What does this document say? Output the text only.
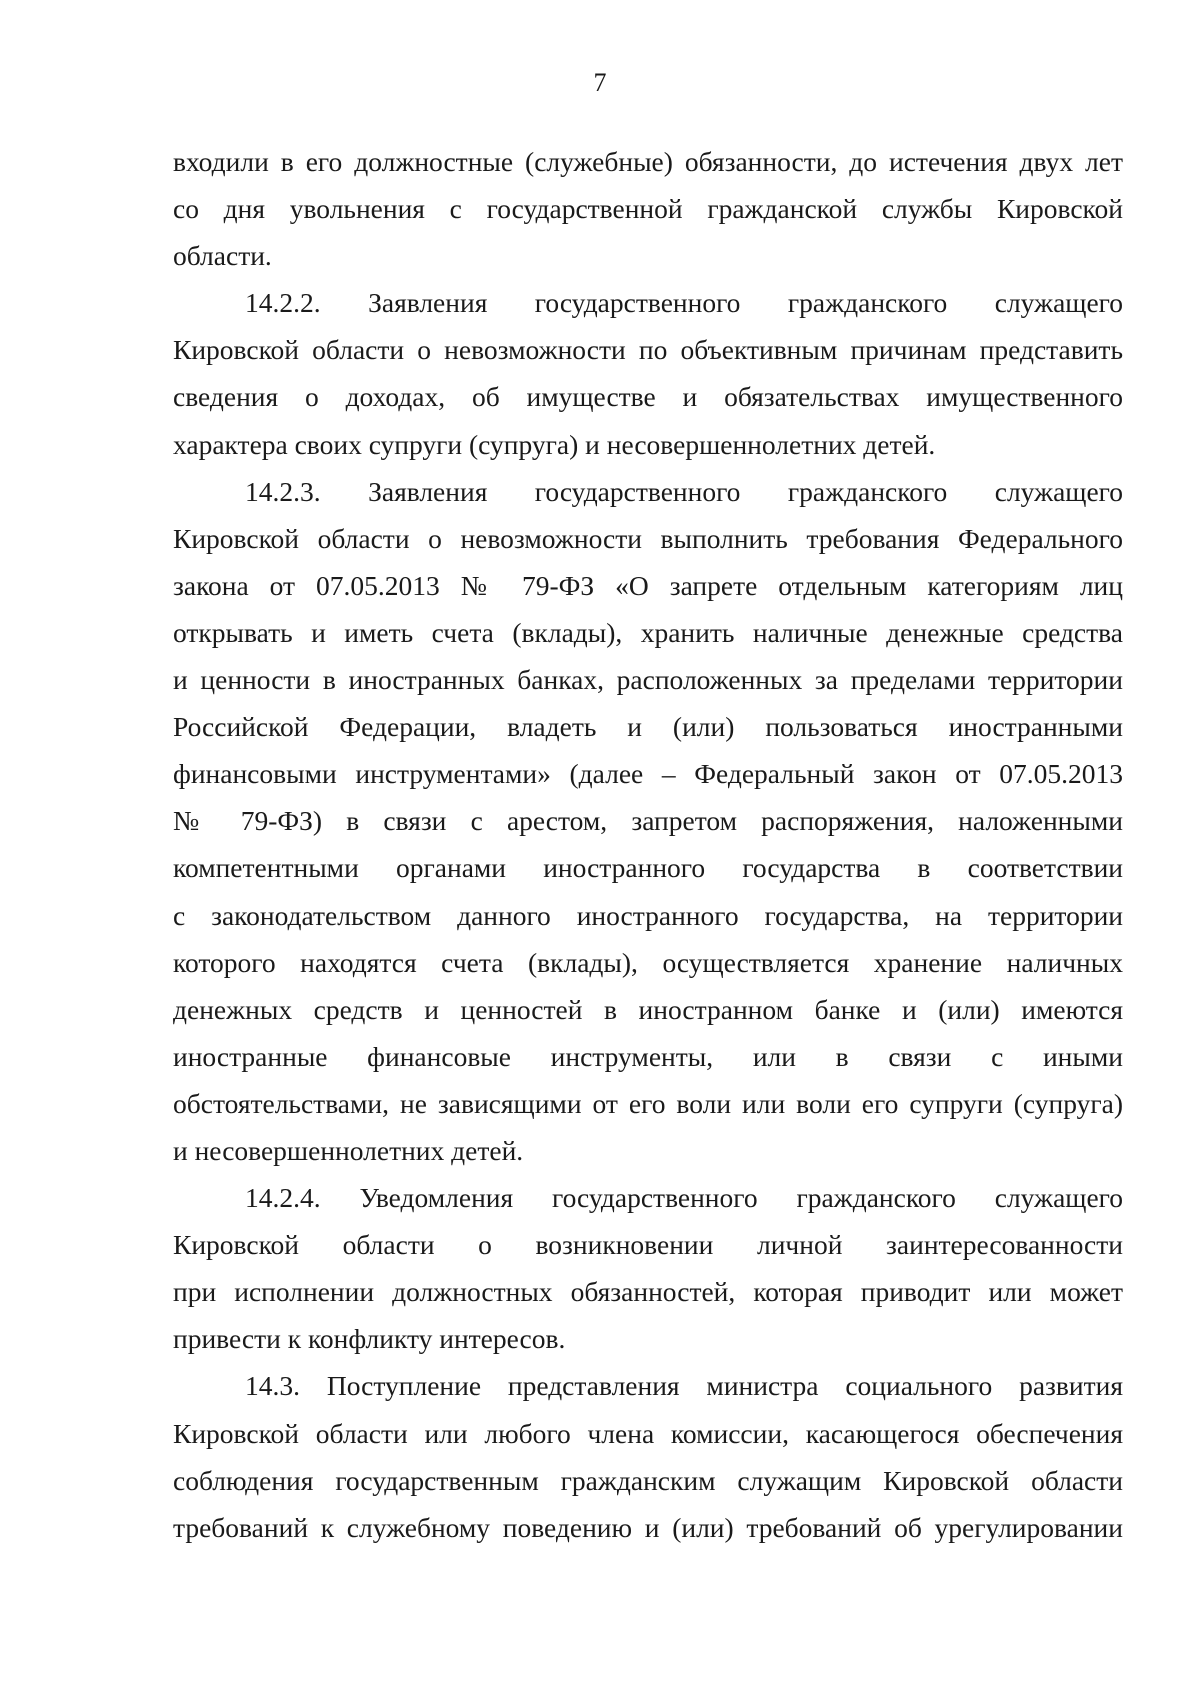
7
входили в его должностные (служебные) обязанности, до истечения двух лет
со дня увольнения с государственной гражданской службы Кировской
области.
14.2.2. Заявления государственного гражданского служащего
Кировской области о невозможности по объективным причинам представить
сведения о доходах, об имуществе и обязательствах имущественного
характера своих супруги (супруга) и несовершеннолетних детей.
14.2.3. Заявления государственного гражданского служащего
Кировской области о невозможности выполнить требования Федерального
закона от 07.05.2013 № 79-ФЗ «О запрете отдельным категориям лиц
открывать и иметь счета (вклады), хранить наличные денежные средства
и ценности в иностранных банках, расположенных за пределами территории
Российской Федерации, владеть и (или) пользоваться иностранными
финансовыми инструментами» (далее – Федеральный закон от 07.05.2013
№ 79-ФЗ) в связи с арестом, запретом распоряжения, наложенными
компетентными органами иностранного государства в соответствии
с законодательством данного иностранного государства, на территории
которого находятся счета (вклады), осуществляется хранение наличных
денежных средств и ценностей в иностранном банке и (или) имеются
иностранные финансовые инструменты, или в связи с иными
обстоятельствами, не зависящими от его воли или воли его супруги (супруга)
и несовершеннолетних детей.
14.2.4. Уведомления государственного гражданского служащего
Кировской области о возникновении личной заинтересованности
при исполнении должностных обязанностей, которая приводит или может
привести к конфликту интересов.
14.3. Поступление представления министра социального развития
Кировской области или любого члена комиссии, касающегося обеспечения
соблюдения государственным гражданским служащим Кировской области
требований к служебному поведению и (или) требований об урегулировании
